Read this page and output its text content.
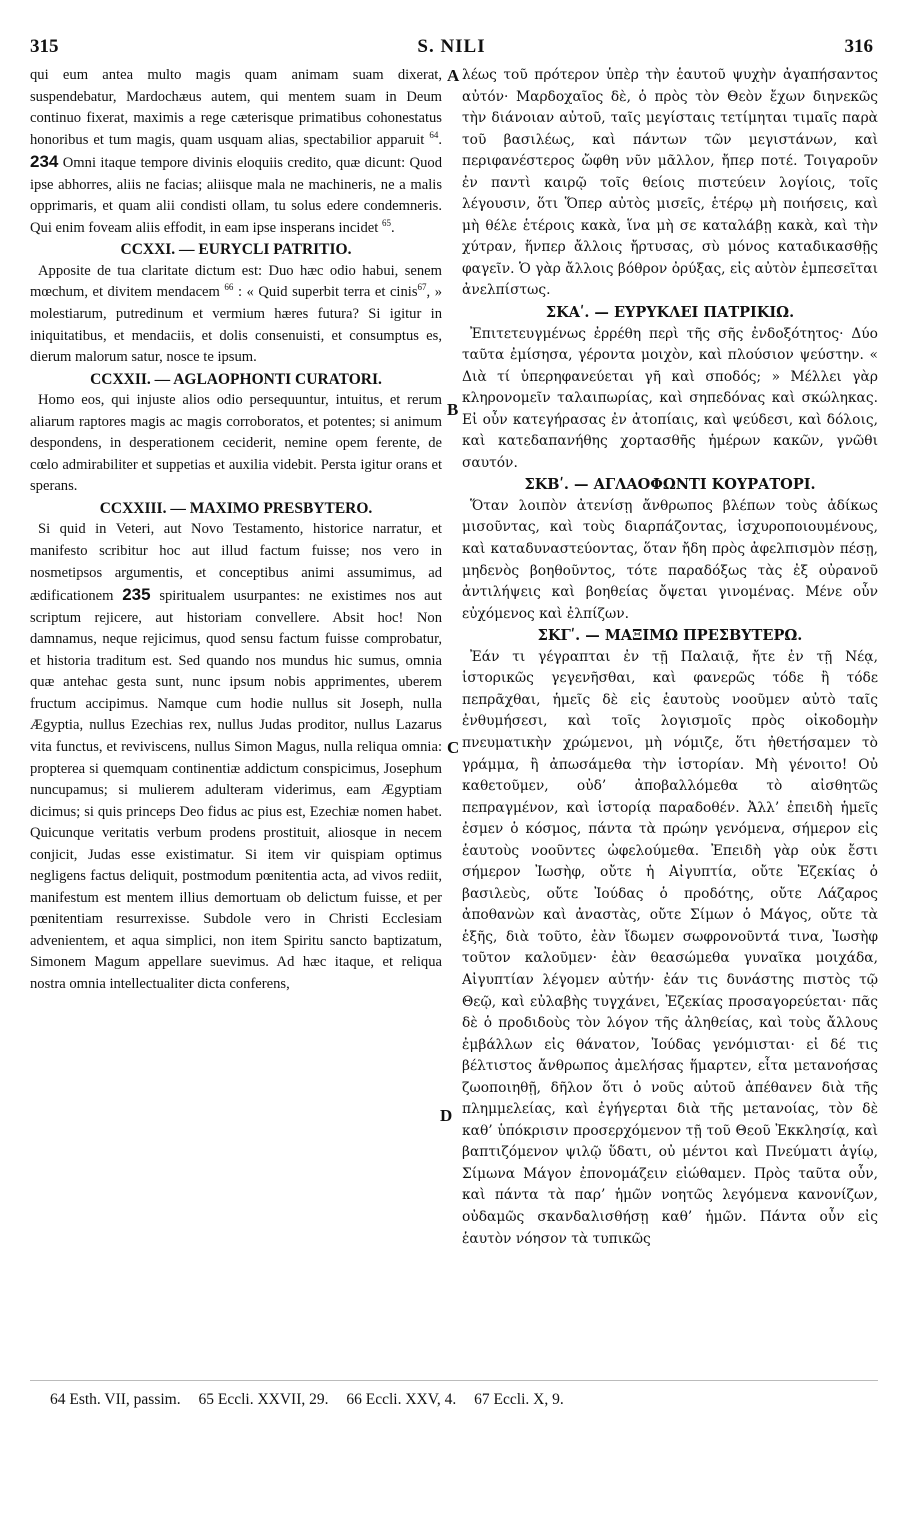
315	S. NILI	316
A
B
C
D

qui eum antea multo magis quam animam suam dixerat, suspendebatur, Mardochæus autem, qui mentem suam in Deum continuo fixerat, maximis a rege cæterisque primatibus cohonestatus honoribus et tum magis, quam usquam alias, spectabilior apparuit $^{64}$. 234 Omni itaque tempore divinis eloquiis credito, quæ dicunt: Quod ipse abhorres, aliis ne facias; aliisque mala ne machineris, ne a malis opprimaris, et quam alii condisti ollam, tu solus edere condemneris. Qui enim foveam aliis effodit, in eam ipse insperans incidet $^{65}$.

CCXXI. — EURYCLI PATRITIO.

Apposite de tua claritate dictum est: Duo hæc odio habui, senem mœchum, et divitem mendacem $^{66}$ : « Quid superbit terra et cinis$^{67}$, » molestiarum, putredinum et vermium hæres futura? Si igitur in iniquitatibus, et mendaciis, et dolis consenuisti, et consumptus es, dierum malorum satur, nosce te ipsum.

CCXXII. — AGLAOPHONTI CURATORI.

Homo eos, qui injuste alios odio persequuntur, intuitus, et rerum aliarum raptores magis ac magis corroboratos, et potentes; si animum despondens, in desperationem ceciderit, nemine opem ferente, de cœlo admirabiliter et suppetias et auxilia videbit. Persta igitur orans et sperans.

CCXXIII. — MAXIMO PRESBYTERO.

Si quid in Veteri, aut Novo Testamento, historice narratur, et manifesto scribitur hoc aut illud factum fuisse; nos vero in nosmetipsos argumentis, et conceptibus animi assumimus, ad ædificationem 235 spiritualem usurpantes: ne existimes nos aut scriptum rejicere, aut historiam convellere. Absit hoc! Non damnamus, neque rejicimus, quod sensu factum fuisse comprobatur, et historia traditum est. Sed quando nos mundus hic sumus, omnia quæ antehac gesta sunt, nunc ipsum nobis apprimentes, uberem fructum accipimus. Namque cum hodie nullus sit Joseph, nulla Ægyptia, nullus Ezechias rex, nullus Judas proditor, nullus Lazarus vita functus, et reviviscens, nullus Simon Magus, nulla reliqua omnia: propterea si quemquam continentiæ addictum conspicimus, Josephum nuncupamus; si mulierem adulteram viderimus, eam Ægyptiam dicimus; si quis princeps Deo fidus ac pius est, Ezechiæ nomen habet. Quicunque veritatis verbum prodens prostituit, aliosque in necem conjicit, Judas esse existimatur. Si item vir quispiam optimus negligens factus deliquit, postmodum pœnitentia acta, ad vivos rediit, manifestum est mentem illius demortuam ob delictum fuisse, et per pœnitentiam resurrexisse. Subdole vero in Christi Ecclesiam advenientem, et aqua simplici, non item Spiritu sancto baptizatum, Simonem Magum appellare suevimus. Ad hæc itaque, et reliqua nostra omnia intellectualiter dicta conferens,

λέως τοῦ πρότερον ὑπὲρ τὴν ἑαυτοῦ ψυχὴν ἀγαπήσαντος αὐτόν· Μαρδοχαῖος δὲ, ὁ πρὸς τὸν Θεὸν ἔχων διηνεκῶς τὴν διάνοιαν αὐτοῦ, ταῖς μεγίσταις τετίμηται τιμαῖς παρὰ τοῦ βασιλέως, καὶ πάντων τῶν μεγιστάνων, καὶ περιφανέστερος ὤφθη νῦν μᾶλλον, ἤπερ ποτέ. Τοιγαροῦν ἐν παντὶ καιρῷ τοῖς θείοις πιστεύειν λογίοις, τοῖς λέγουσιν, ὅτι Ὅπερ αὐτὸς μισεῖς, ἑτέρῳ μὴ ποιήσεις, καὶ μὴ θέλε ἑτέροις κακὰ, ἵνα μὴ σε καταλάβῃ κακὰ, καὶ τὴν χύτραν, ἥνπερ ἄλλοις ἤρτυσας, σὺ μόνος καταδικασθῇς φαγεῖν. Ὁ γὰρ ἄλλοις βόθρον ὀρύξας, εἰς αὐτὸν ἐμπεσεῖται ἀνελπίστως.

ΣΚΑʹ. — ΕΥΡΥΚΛΕΙ ΠΑΤΡΙΚΙΩ.

Ἐπιτετευγμένως ἐρρέθη περὶ τῆς σῆς ἐνδοξότητος· Δύο ταῦτα ἐμίσησα, γέροντα μοιχὸν, καὶ πλούσιον ψεύστην. « Διὰ τί ὑπερηφανεύεται γῆ καὶ σποδός; » Μέλλει γὰρ κληρονομεῖν ταλαιπωρίας, καὶ σηπεδόνας καὶ σκώληκας. Εἰ οὖν κατεγήρασας ἐν ἀτοπίαις, καὶ ψεύδεσι, καὶ δόλοις, καὶ κατεδαπανήθης χορτασθῆς ἡμέρων κακῶν, γνῶθι σαυτόν.

ΣΚΒʹ. — ΑΓΛΑΟΦΩΝΤΙ ΚΟΥΡΑΤΟΡΙ.

Ὅταν λοιπὸν ἀτενίσῃ ἄνθρωπος βλέπων τοὺς ἀδίκως μισοῦντας, καὶ τοὺς διαρπάζοντας, ἰσχυροποιουμένους, καὶ καταδυναστεύοντας, ὅταν ἤδη πρὸς ἀφελπισμὸν πέσῃ, μηδενὸς βοηθοῦντος, τότε παραδόξως τὰς ἐξ οὐρανοῦ ἀντιλήψεις καὶ βοηθείας ὄψεται γινομένας. Μένε οὖν εὐχόμενος καὶ ἐλπίζων.

ΣΚΓʹ. — ΜΑΞΙΜΩ ΠΡΕΣΒΥΤΕΡΩ.

Ἐάν τι γέγραπται ἐν τῇ Παλαιᾷ, ἤτε ἐν τῇ Νέᾳ, ἱστορικῶς γεγενῆσθαι, καὶ φανερῶς τόδε ἢ τόδε πεπρᾶχθαι, ἡμεῖς δὲ εἰς ἑαυτοὺς νοοῦμεν αὐτὸ ταῖς ἐνθυμήσεσι, καὶ τοῖς λογισμοῖς πρὸς οἰκοδομὴν πνευματικὴν χρώμενοι, μὴ νόμιζε, ὅτι ἠθετήσαμεν τὸ γράμμα, ἢ ἀπωσάμεθα τὴν ἱστορίαν. Μὴ γένοιτο! Οὐ καθετοῦμεν, οὐδ’ ἀποβαλλόμεθα τὸ αἰσθητῶς πεπραγμένον, καὶ ἱστορίᾳ παραδοθέν. Ἀλλ’ ἐπειδὴ ἡμεῖς ἐσμεν ὁ κόσμος, πάντα τὰ πρώην γενόμενα, σήμερον εἰς ἑαυτοὺς νοοῦντες ὠφελούμεθα. Ἐπειδὴ γὰρ οὐκ ἔστι σήμερον Ἰωσὴφ, οὔτε ἡ Αἰγυπτία, οὔτε Ἐζεκίας ὁ βασιλεὺς, οὔτε Ἰούδας ὁ προδότης, οὔτε Λάζαρος ἀποθανὼν καὶ ἀναστὰς, οὔτε Σίμων ὁ Μάγος, οὔτε τὰ ἑξῆς, διὰ τοῦτο, ἐὰν ἴδωμεν σωφρονοῦντά τινα, Ἰωσὴφ τοῦτον καλοῦμεν· ἐὰν θεασώμεθα γυναῖκα μοιχάδα, Αἰγυπτίαν λέγομεν αὐτήν· ἐάν τις δυνάστης πιστὸς τῷ Θεῷ, καὶ εὐλαβὴς τυγχάνει, Ἐζεκίας προσαγορεύεται· πᾶς δὲ ὁ προδιδοὺς τὸν λόγον τῆς ἀληθείας, καὶ τοὺς ἄλλους ἐμβάλλων εἰς θάνατον, Ἰούδας γενόμισται· εἰ δέ τις βέλτιστος ἄνθρωπος ἀμελήσας ἥμαρτεν, εἶτα μετανοήσας ζωοποιηθῇ, δῆλον ὅτι ὁ νοῦς αὐτοῦ ἀπέθανεν διὰ τῆς πλημμελείας, καὶ ἐγήγερται διὰ τῆς μετανοίας, τὸν δὲ καθ’ ὑπόκρισιν προσερχόμενον τῇ τοῦ Θεοῦ Ἐκκλησίᾳ, καὶ βαπτιζόμενον ψιλῷ ὕδατι, οὐ μέντοι καὶ Πνεύματι ἁγίῳ, Σίμωνα Μάγον ἐπονομάζειν εἰώθαμεν. Πρὸς ταῦτα οὖν, καὶ πάντα τὰ παρ’ ἡμῶν νοητῶς λεγόμενα κανονίζων, οὐδαμῶς σκανδαλισθήσῃ καθ’ ἡμῶν. Πάντα οὖν εἰς ἑαυτὸν νόησον τὰ τυπικῶς

64 Esth. VII, passim. 65 Eccli. XXVII, 29. 66 Eccli. XXV, 4. 67 Eccli. X, 9.
